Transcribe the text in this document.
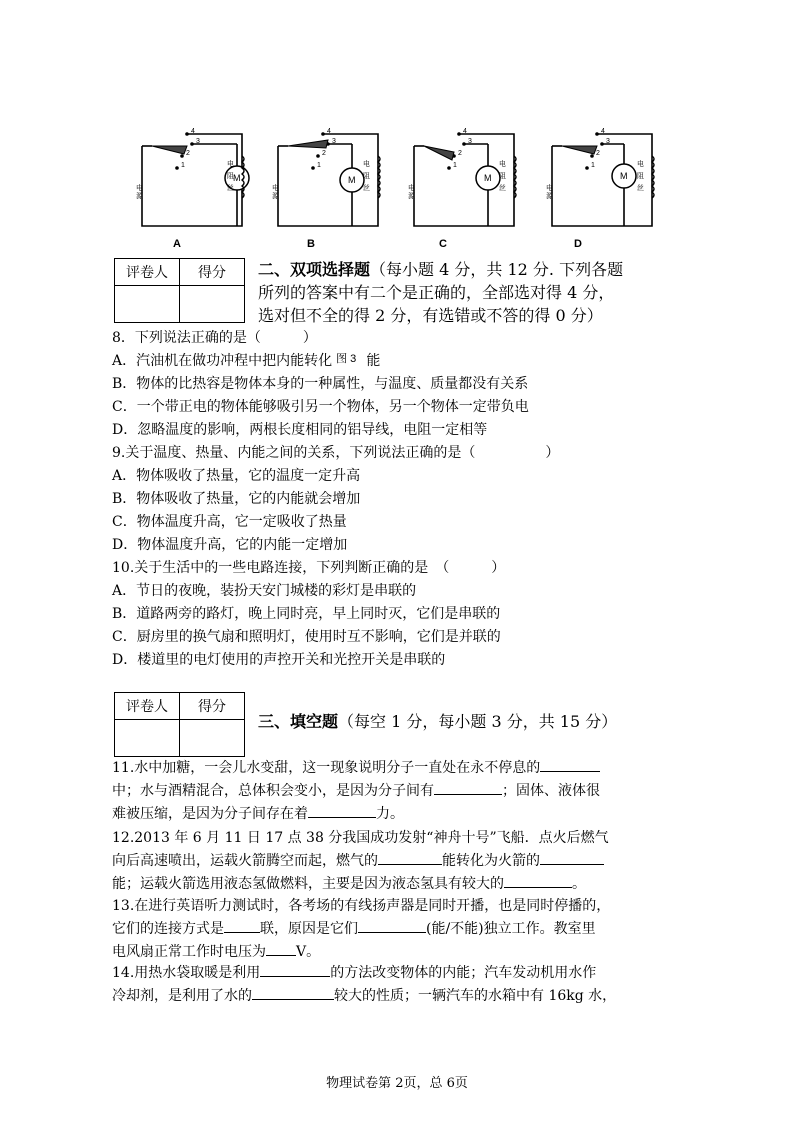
4
3
2
1
电
源
M
电
阻
丝
4
3
2
1
电
源
M
电
阻
丝
4
3
2
1
电
源
M
电
阻
丝
4
3
2
1
电
源
M
电
阻
丝
A	B	C	D
评卷人	得分
	二、双项选择题（每小题 4 分，共 12 分. 下列各题
所列的答案中有二个是正确的，全部选对得 4 分，
选对但不全的得 2 分，有选错或不答的得 0 分）
8．下列说法正确的是（　　　）
A．汽油机在做功冲程中把内能转化 $^{图 3}$ 能
B．物体的比热容是物体本身的一种属性，与温度、质量都没有关系
C．一个带正电的物体能够吸引另一个物体，另一个物体一定带负电
D．忽略温度的影响，两根长度相同的铝导线，电阻一定相等
9.关于温度、热量、内能之间的关系，下列说法正确的是（　　　　　）
A．物体吸收了热量，它的温度一定升高
B．物体吸收了热量，它的内能就会增加
C．物体温度升高，它一定吸收了热量
D．物体温度升高，它的内能一定增加
10.关于生活中的一些电路连接，下列判断正确的是　（　　　）
A．节日的夜晚，装扮天安门城楼的彩灯是串联的
B．道路两旁的路灯，晚上同时亮，早上同时灭，它们是串联的
C．厨房里的换气扇和照明灯，使用时互不影响，它们是并联的
D．楼道里的电灯使用的声控开关和光控开关是串联的
评卷人	得分

三、填空题（每空 1 分，每小题 3 分，共 15 分）
11.水中加糖，一会儿水变甜，这一现象说明分子一直处在永不停息的
中；水与酒精混合，总体积会变小，是因为分子间有	；固体、液体很
难被压缩，是因为分子间存在着	力。
12.2013 年 6 月 11 日 17 点 38 分我国成功发射“神舟十号”飞船．点火后燃气
向后高速喷出，运载火箭腾空而起，燃气的	能转化为火箭的
能；运载火箭选用液态氢做燃料，主要是因为液态氢具有较大的	。
13.在进行英语听力测试时，各考场的有线扬声器是同时开播，也是同时停播的，
它们的连接方式是	联，原因是它们	(能/不能)独立工作。教室里
电风扇正常工作时电压为 V。
14.用热水袋取暖是利用	的方法改变物体的内能；汽车发动机用水作
冷却剂，是利用了水的	较大的性质；一辆汽车的水箱中有 16kg 水，
物理试卷第 2页，总 6页
